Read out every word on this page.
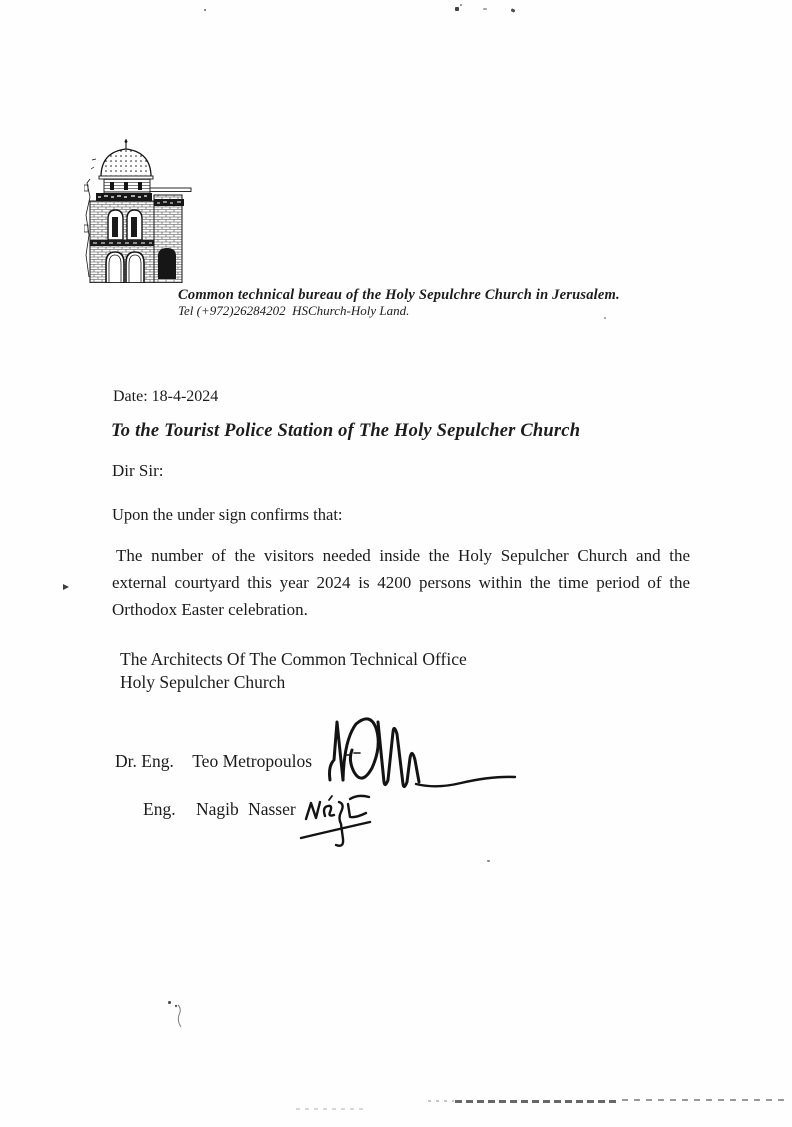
Common technical bureau of the Holy Sepulchre Church in Jerusalem.
Tel (+972)26284202  HSChurch-Holy Land.
Date: 18-4-2024
To the Tourist Police Station of The Holy Sepulcher Church
Dir Sir:
Upon the under sign confirms that:
The number of the visitors needed inside the Holy Sepulcher Church and the
external courtyard this year 2024 is 4200 persons within the time period of the
Orthodox Easter celebration.
The Architects Of The Common Technical Office
Holy Sepulcher Church
Dr. Eng. Teo Metropoulos
Eng. Nagib Nasser
